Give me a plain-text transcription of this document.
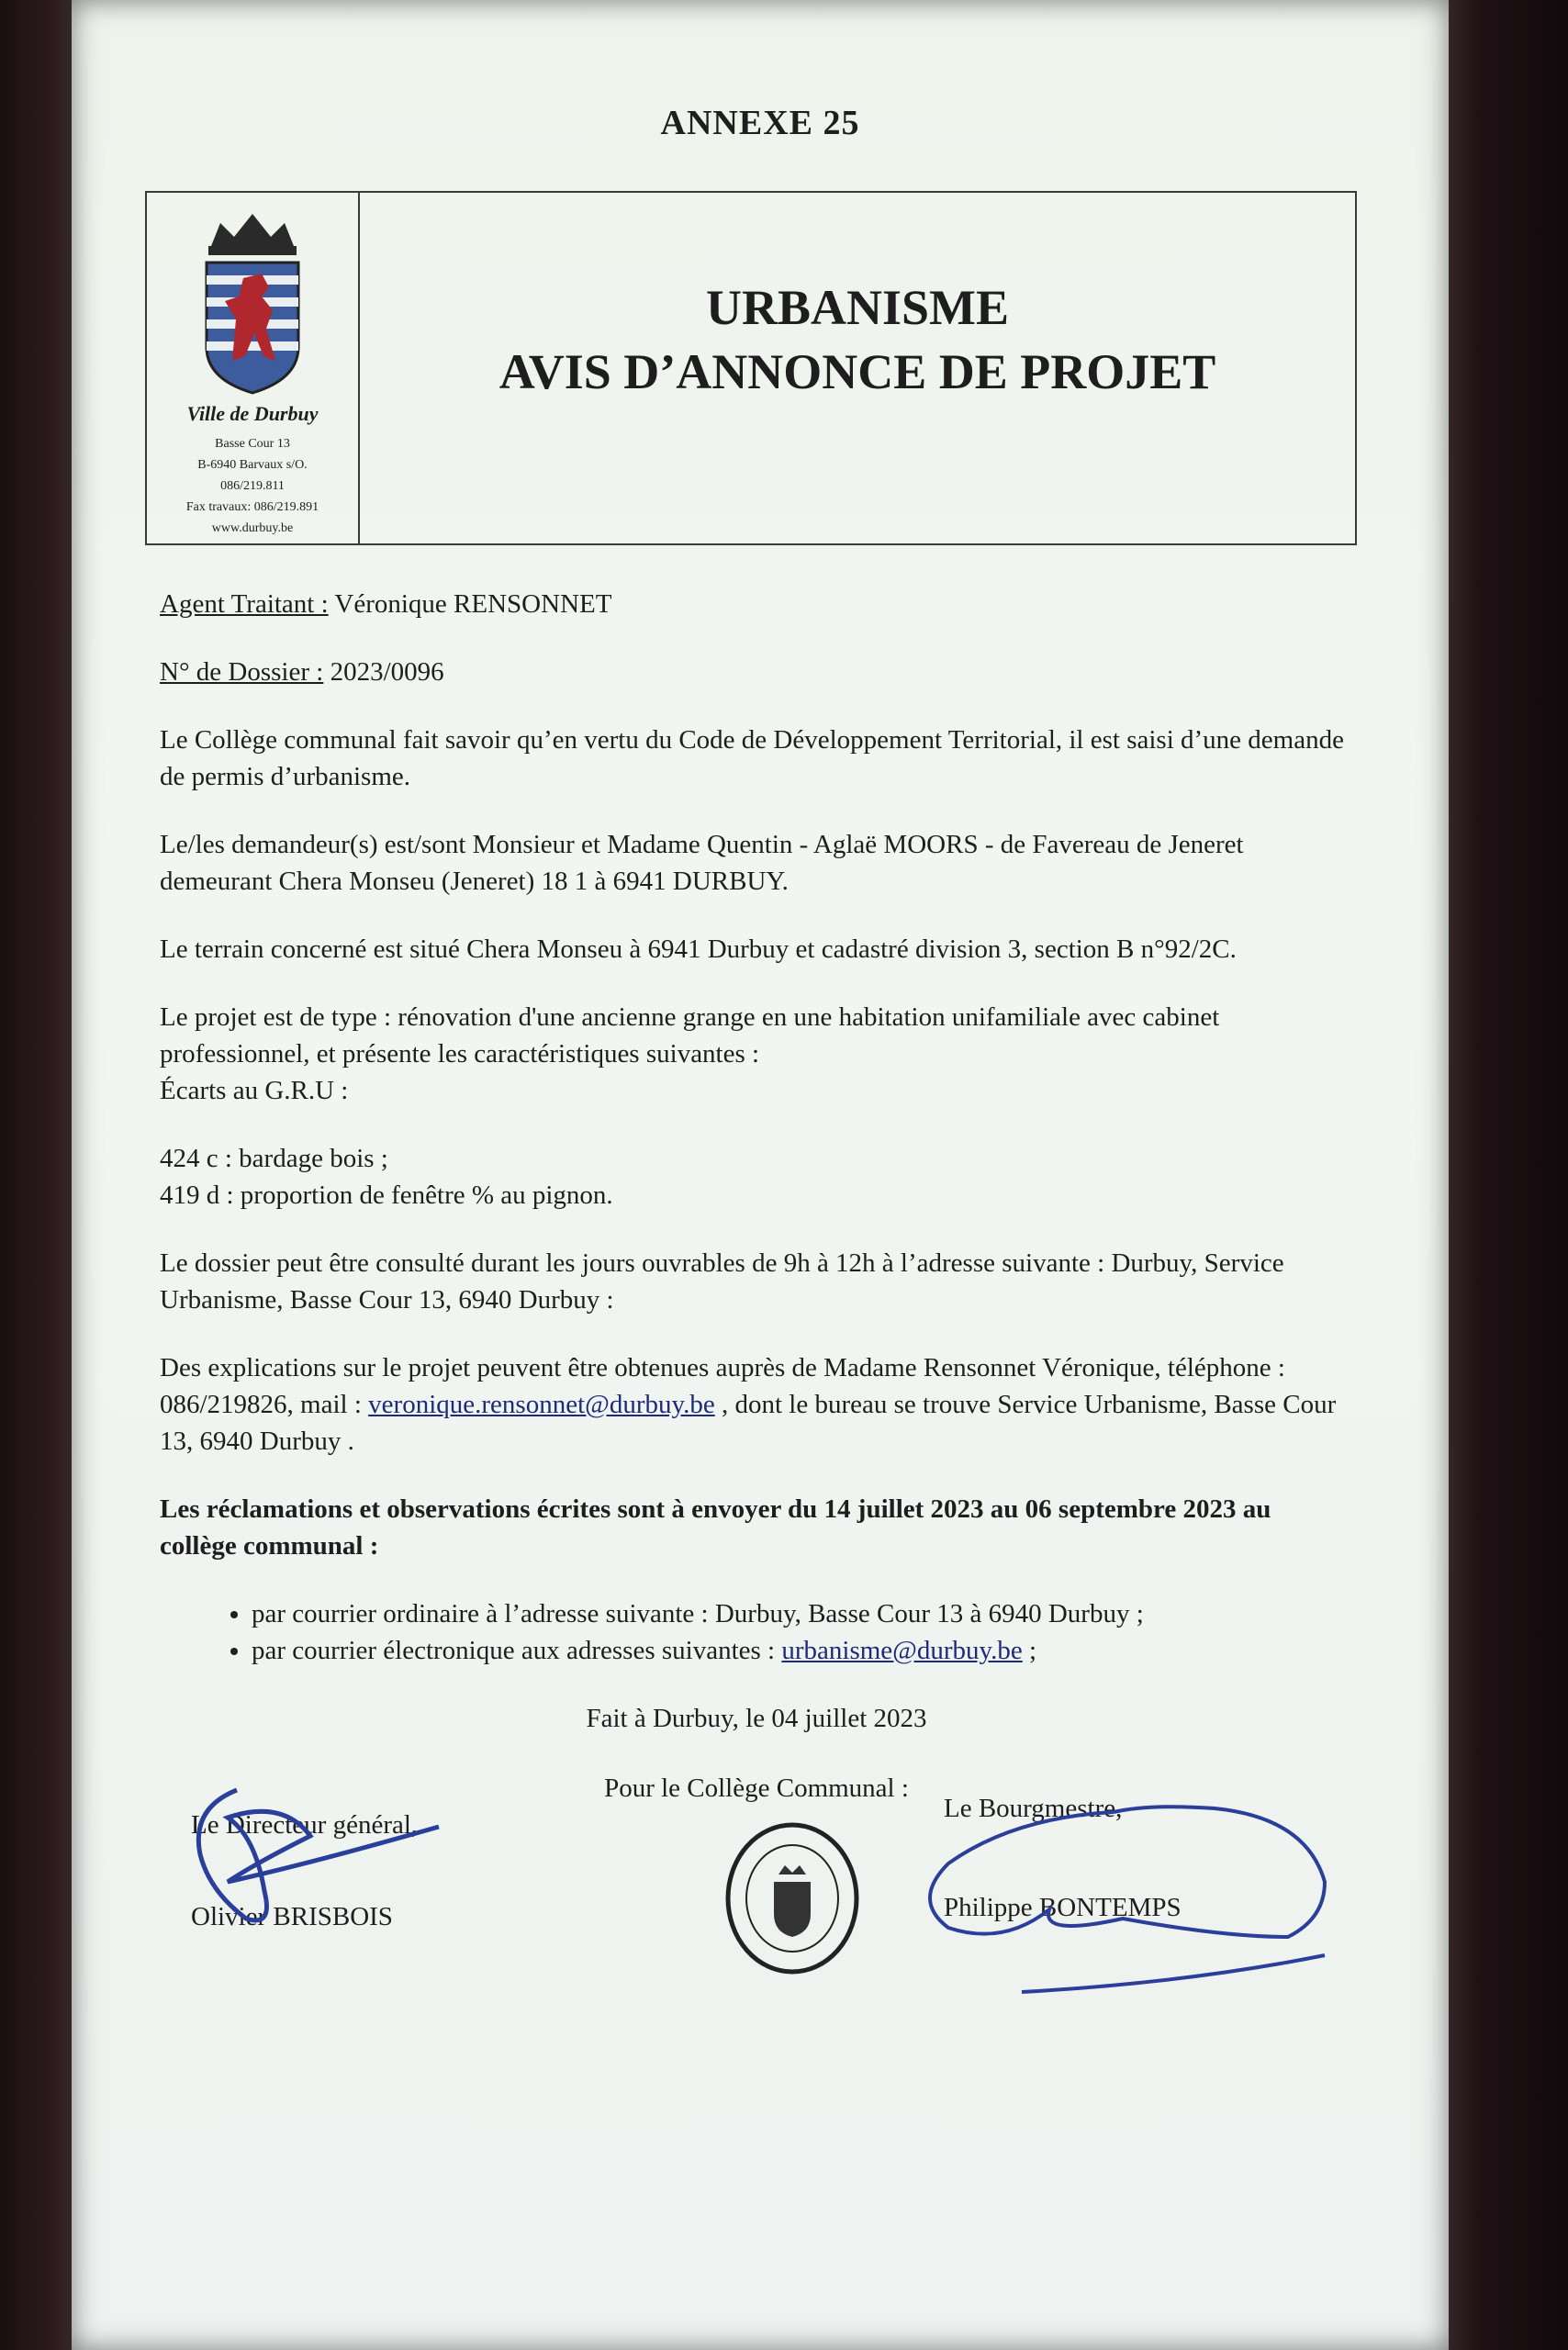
ANNEXE 25
Ville de Durbuy
Basse Cour 13
B-6940 Barvaux s/O.
086/219.811
Fax travaux: 086/219.891
www.durbuy.be
URBANISME
AVIS D’ANNONCE DE PROJET

Agent Traitant : Véronique RENSONNET

N° de Dossier : 2023/0096

Le Collège communal fait savoir qu’en vertu du Code de Développement Territorial, il est saisi d’une demande de permis d’urbanisme.

Le/les demandeur(s) est/sont Monsieur et Madame Quentin - Aglaë MOORS - de Favereau de Jeneret demeurant Chera Monseu (Jeneret) 18 1 à 6941 DURBUY.

Le terrain concerné est situé Chera Monseu à 6941 Durbuy et cadastré division 3, section B n°92/2C.

Le projet est de type : rénovation d'une ancienne grange en une habitation unifamiliale avec cabinet professionnel, et présente les caractéristiques suivantes :
Écarts au G.R.U :

424 c : bardage bois ;
419 d : proportion de fenêtre % au pignon.

Le dossier peut être consulté durant les jours ouvrables de 9h à 12h à l’adresse suivante : Durbuy, Service Urbanisme, Basse Cour 13, 6940 Durbuy :

Des explications sur le projet peuvent être obtenues auprès de Madame Rensonnet Véronique, téléphone : 086/219826, mail : veronique.rensonnet@durbuy.be , dont le bureau se trouve Service Urbanisme, Basse Cour 13, 6940 Durbuy .

Les réclamations et observations écrites sont à envoyer du 14 juillet 2023 au 06 septembre 2023 au collège communal :

• par courrier ordinaire à l’adresse suivante : Durbuy, Basse Cour 13 à 6940 Durbuy ;
• par courrier électronique aux adresses suivantes : urbanisme@durbuy.be ;
Fait à Durbuy, le 04 juillet 2023
Pour le Collège Communal :
Le Directeur général,
Olivier BRISBOIS
Le Bourgmestre,
Philippe BONTEMPS
